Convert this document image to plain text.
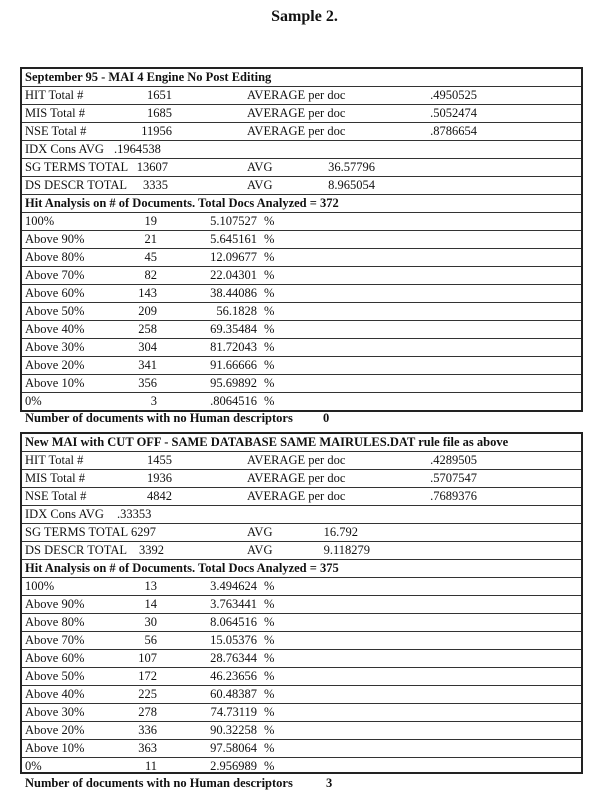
Sample 2.
September 95 - MAI 4 Engine No Post Editing
HIT Total #	1651	AVERAGE per doc	.4950525
MIS Total #	1685	AVERAGE per doc	.5052474
NSE Total #	11956	AVERAGE per doc	.8786654
IDX Cons AVG .1964538
SG TERMS TOTAL 13607	AVG	36.57796
DS DESCR TOTAL	3335	AVG	8.965054
Hit Analysis on # of Documents. Total Docs Analyzed = 372
100%	19	5.107527 %
Above 90%	21	5.645161 %
Above 80%	45	12.09677 %
Above 70%	82	22.04301 %
Above 60%	143	38.44086 %
Above 50%	209	56.1828 %
Above 40%	258	69.35484 %
Above 30%	304	81.72043 %
Above 20%	341	91.66666 %
Above 10%	356	95.69892 %
0%	3	.8064516 %
Number of documents with no Human descriptors 0
New MAI with CUT OFF - SAME DATABASE SAME MAIRULES.DAT rule file as above
HIT Total #	1455	AVERAGE per doc	.4289505
MIS Total #	1936	AVERAGE per doc	.5707547
NSE Total #	4842	AVERAGE per doc	.7689376
IDX Cons AVG .33353
SG TERMS TOTAL 6297	AVG	16.792
DS DESCR TOTAL 3392	AVG	9.118279
Hit Analysis on # of Documents. Total Docs Analyzed = 375
100%	13	3.494624 %
Above 90%	14	3.763441 %
Above 80%	30	8.064516 %
Above 70%	56	15.05376 %
Above 60%	107	28.76344 %
Above 50%	172	46.23656 %
Above 40%	225	60.48387 %
Above 30%	278	74.73119 %
Above 20%	336	90.32258 %
Above 10%	363	97.58064 %
0%	11	2.956989 %
Number of documents with no Human descriptors	3
